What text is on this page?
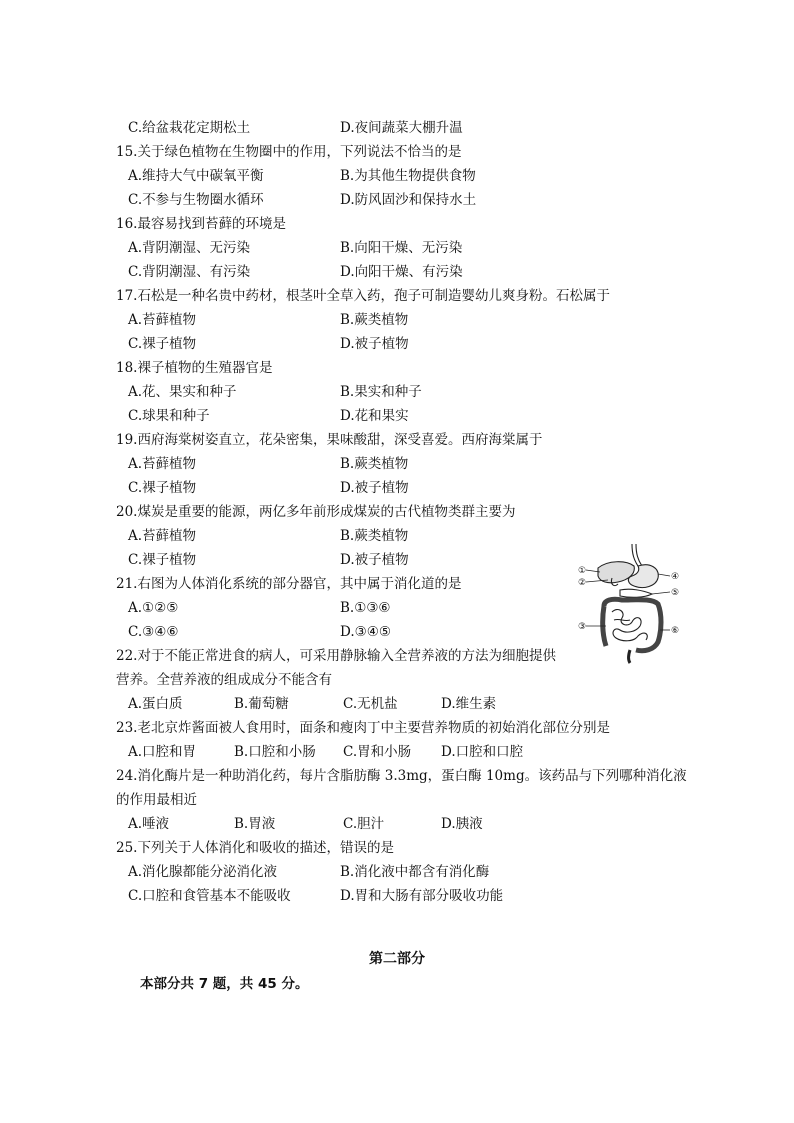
C.给盆栽花定期松土	D.夜间蔬菜大棚升温
15.关于绿色植物在生物圈中的作用，下列说法不恰当的是
A.维持大气中碳氧平衡	B.为其他生物提供食物
C.不参与生物圈水循环	D.防风固沙和保持水土
16.最容易找到苔藓的环境是
A.背阴潮湿、无污染	B.向阳干燥、无污染
C.背阴潮湿、有污染	D.向阳干燥、有污染
17.石松是一种名贵中药材，根茎叶全草入药，孢子可制造婴幼儿爽身粉。石松属于
A.苔藓植物	B.蕨类植物
C.裸子植物	D.被子植物
18.裸子植物的生殖器官是
A.花、果实和种子	B.果实和种子
C.球果和种子	D.花和果实
19.西府海棠树姿直立，花朵密集，果味酸甜，深受喜爱。西府海棠属于
A.苔藓植物	B.蕨类植物
C.裸子植物	D.被子植物
20.煤炭是重要的能源，两亿多年前形成煤炭的古代植物类群主要为
A.苔藓植物	B.蕨类植物
C.裸子植物	D.被子植物
21.右图为人体消化系统的部分器官，其中属于消化道的是
A.①②⑤	B.①③⑥
C.③④⑥	D.③④⑤
①
②
③
④
⑤
⑥
22.对于不能正常进食的病人，可采用静脉输入全营养液的方法为细胞提供
营养。全营养液的组成成分不能含有
A.蛋白质	B.葡萄糖	C.无机盐	D.维生素
23.老北京炸酱面被人食用时，面条和瘦肉丁中主要营养物质的初始消化部位分别是
A.口腔和胃	B.口腔和小肠 C.胃和小肠 D.口腔和口腔
24.消化酶片是一种助消化药，每片含脂肪酶 3.3mg，蛋白酶 10mg。该药品与下列哪种消化液
的作用最相近
A.唾液	B.胃液	C.胆汁	D.胰液
25.下列关于人体消化和吸收的描述，错误的是
A.消化腺都能分泌消化液	B.消化液中都含有消化酶
C.口腔和食管基本不能吸收	D.胃和大肠有部分吸收功能
第二部分
本部分共 7 题，共 45 分。
